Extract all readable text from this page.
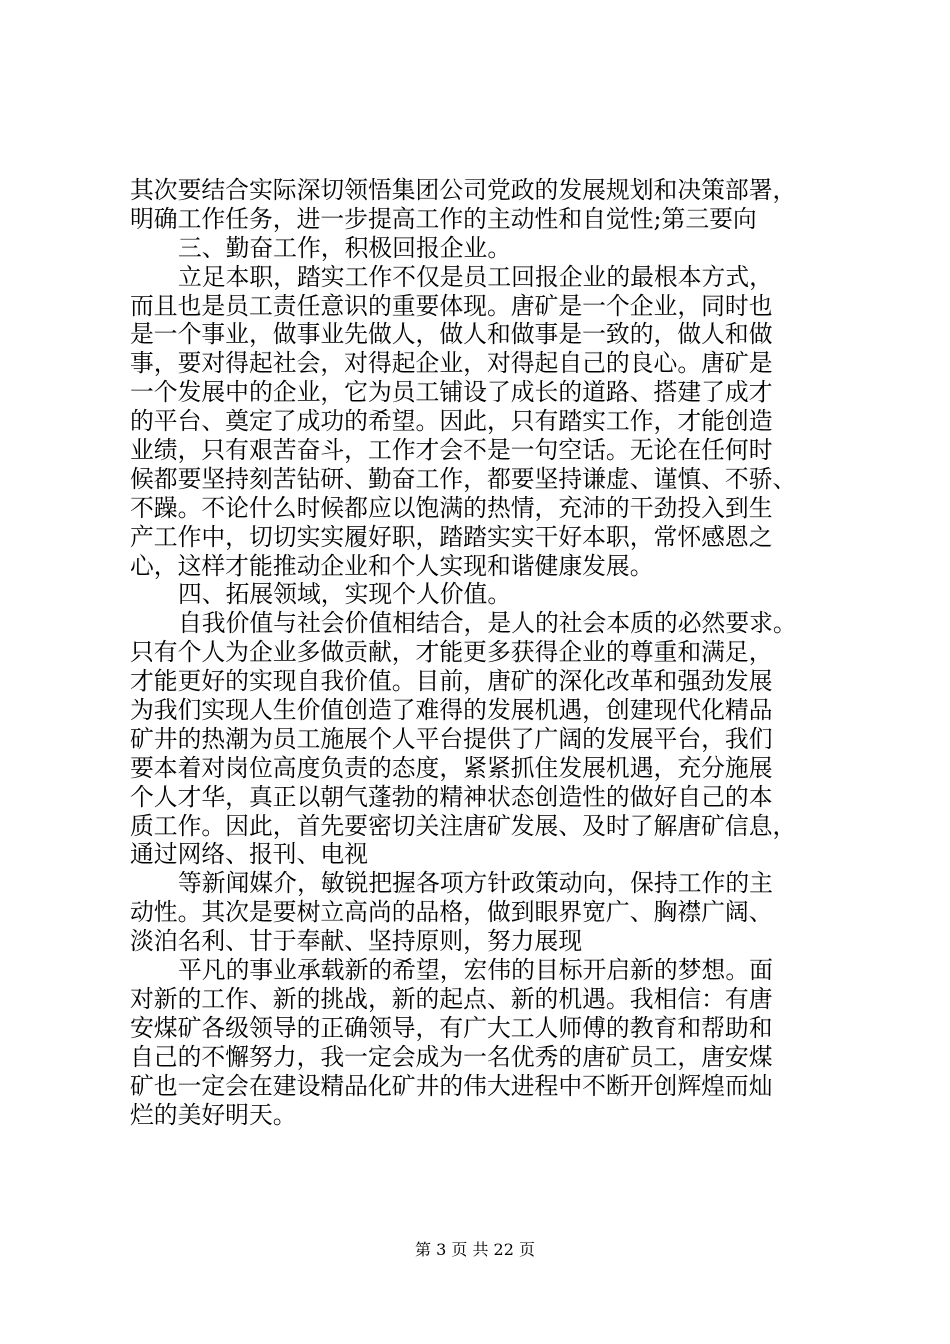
其次要结合实际深切领悟集团公司党政的发展规划和决策部署，
明确工作任务，进一步提高工作的主动性和自觉性;第三要向
三、勤奋工作，积极回报企业。
立足本职，踏实工作不仅是员工回报企业的最根本方式，
而且也是员工责任意识的重要体现。唐矿是一个企业，同时也
是一个事业，做事业先做人，做人和做事是一致的，做人和做
事，要对得起社会，对得起企业，对得起自己的良心。唐矿是
一个发展中的企业，它为员工铺设了成长的道路、搭建了成才
的平台、奠定了成功的希望。因此，只有踏实工作，才能创造
业绩，只有艰苦奋斗，工作才会不是一句空话。无论在任何时
候都要坚持刻苦钻研、勤奋工作，都要坚持谦虚、谨慎、不骄、
不躁。不论什么时候都应以饱满的热情，充沛的干劲投入到生
产工作中，切切实实履好职，踏踏实实干好本职，常怀感恩之
心，这样才能推动企业和个人实现和谐健康发展。
四、拓展领域，实现个人价值。
自我价值与社会价值相结合，是人的社会本质的必然要求。
只有个人为企业多做贡献，才能更多获得企业的尊重和满足，
才能更好的实现自我价值。目前，唐矿的深化改革和强劲发展
为我们实现人生价值创造了难得的发展机遇，创建现代化精品
矿井的热潮为员工施展个人平台提供了广阔的发展平台，我们
要本着对岗位高度负责的态度，紧紧抓住发展机遇，充分施展
个人才华，真正以朝气蓬勃的精神状态创造性的做好自己的本
质工作。因此，首先要密切关注唐矿发展、及时了解唐矿信息，
通过网络、报刊、电视
等新闻媒介，敏锐把握各项方针政策动向，保持工作的主
动性。其次是要树立高尚的品格，做到眼界宽广、胸襟广阔、
淡泊名利、甘于奉献、坚持原则，努力展现
平凡的事业承载新的希望，宏伟的目标开启新的梦想。面
对新的工作、新的挑战，新的起点、新的机遇。我相信：有唐
安煤矿各级领导的正确领导，有广大工人师傅的教育和帮助和
自己的不懈努力，我一定会成为一名优秀的唐矿员工，唐安煤
矿也一定会在建设精品化矿井的伟大进程中不断开创辉煌而灿
烂的美好明天。
第 3 页 共 22 页
